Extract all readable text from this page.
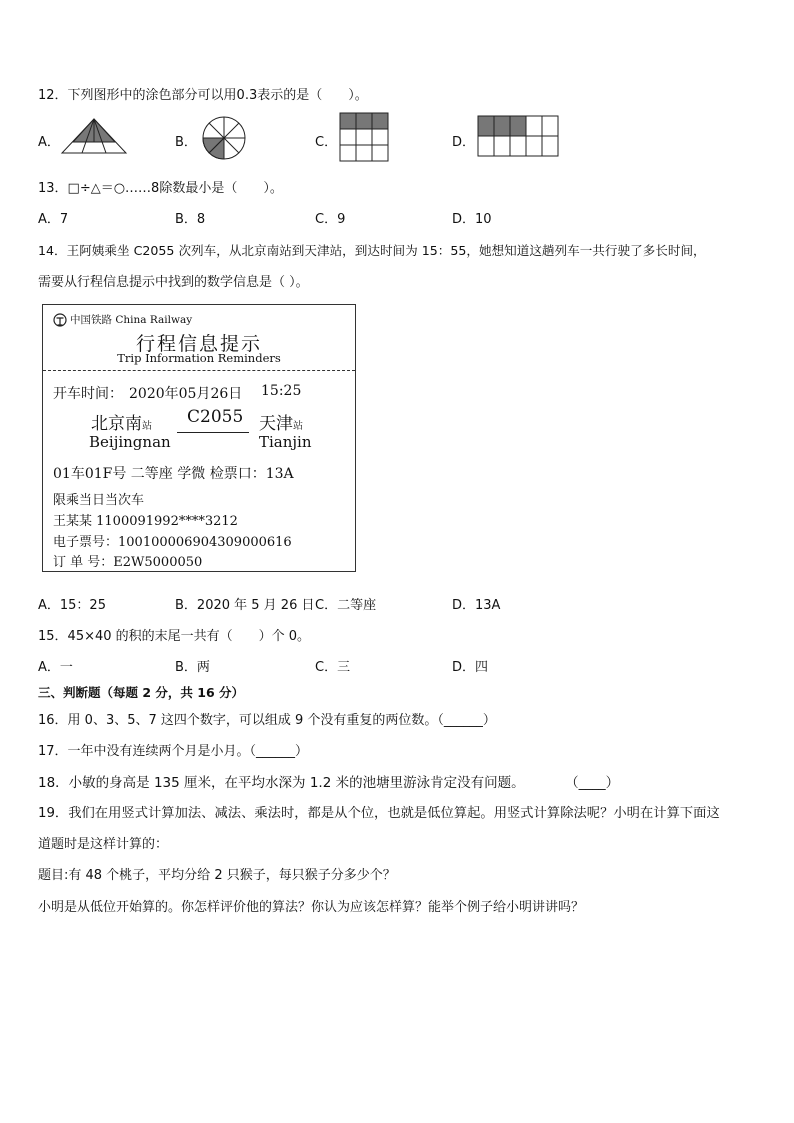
12．下列图形中的涂色部分可以用0.3表示的是（　　）。
A．	B．	C．	D．
13．□÷△＝○……8除数最小是（　　）。
A．7	B．8	C．9	D．10
14．王阿姨乘坐 C2055 次列车，从北京南站到天津站，到达时间为 15：55，她想知道这趟列车一共行驶了多长时间，
需要从行程信息提示中找到的数学信息是（ ）。
中国铁路 China Railway
行程信息提示
Trip Information Reminders
开车时间： 2020年05月26日 15:25
北京南站 C2055 天津站
Beijingnan	Tianjin
01车01F号 二等座 学微 检票口：13A
限乘当日当次车
王某某 1100091992****3212
电子票号：10010000690430900061​6
订 单 号：E2W5000050
A．15：25	B．2020 年 5 月 26 日 C．二等座	D．13A
15．45×40 的积的末尾一共有（　　）个 0。
A．一	B．两	C．三	D．四
三、判断题（每题 2 分，共 16 分）
16．用 0、3、5、7 这四个数字，可以组成 9 个没有重复的两位数。（______）
17．一年中没有连续两个月是小月。（______）
18．小敏的身高是 135 厘米，在平均水深为 1.2 米的池塘里游泳肯定没有问题。　　　　（____）
19．我们在用竖式计算加法、减法、乘法时，都是从个位，也就是低位算起。用竖式计算除法呢？小明在计算下面这
道题时是这样计算的：
题目:有 48 个桃子，平均分给 2 只猴子，每只猴子分多少个？
小明是从低位开始算的。你怎样评价他的算法？你认为应该怎样算？能举个例子给小明讲讲吗？
